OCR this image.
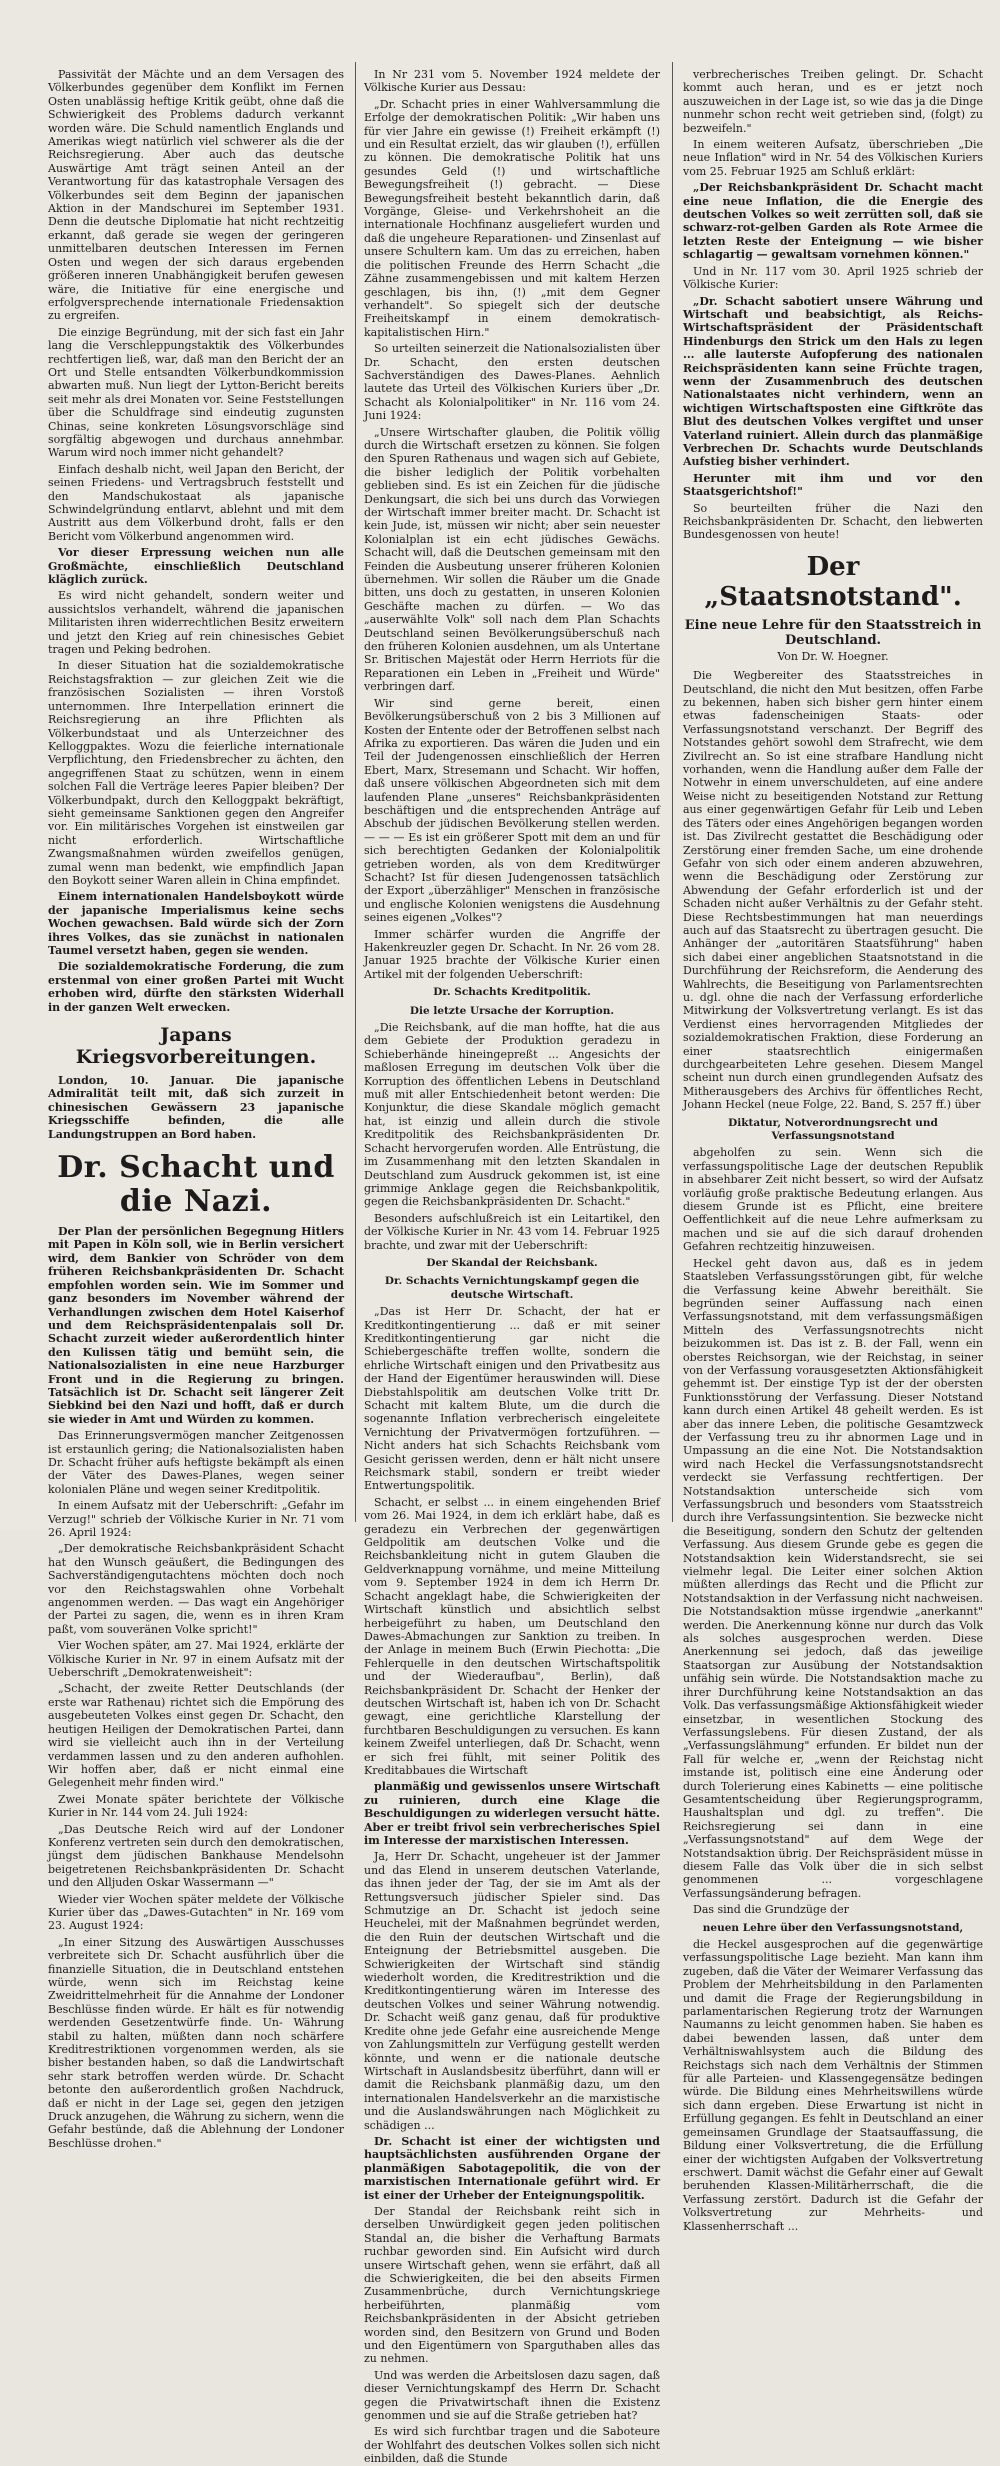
Passivität der Mächte und an dem Versagen des Völkerbundes gegenüber dem Konflikt im Fernen Osten unablässig heftige Kritik geübt, ohne daß die Schwierigkeit des Problems dadurch verkannt worden wäre. Die Schuld namentlich Englands und Amerikas wiegt natürlich viel schwerer als die der Reichsregierung. Aber auch das deutsche Auswärtige Amt trägt seinen Anteil an der Verantwortung für das katastrophale Versagen des Völkerbundes seit dem Beginn der japanischen Aktion in der Mandschurei im September 1931. Denn die deutsche Diplomatie hat nicht rechtzeitig erkannt, daß gerade sie wegen der geringeren unmittelbaren deutschen Interessen im Fernen Osten und wegen der sich daraus ergebenden größeren inneren Unabhängigkeit berufen gewesen wäre, die Initiative für eine energische und erfolgversprechende internationale Friedensaktion zu ergreifen.

Die einzige Begründung, mit der sich fast ein Jahr lang die Verschleppungstaktik des Völkerbundes rechtfertigen ließ, war, daß man den Bericht der an Ort und Stelle entsandten Völkerbundkommission abwarten muß. Nun liegt der Lytton-Bericht bereits seit mehr als drei Monaten vor. Seine Feststellungen über die Schuldfrage sind eindeutig zugunsten Chinas, seine konkreten Lösungsvorschläge sind sorgfältig abgewogen und durchaus annehmbar. Warum wird noch immer nicht gehandelt?

Einfach deshalb nicht, weil Japan den Bericht, der seinen Friedens- und Vertragsbruch feststellt und den Mandschukostaat als japanische Schwindelgründung entlarvt, ablehnt und mit dem Austritt aus dem Völkerbund droht, falls er den Bericht vom Völkerbund angenommen wird.

Vor dieser Erpressung weichen nun alle Großmächte, einschließlich Deutschland kläglich zurück.

Es wird nicht gehandelt, sondern weiter und aussichtslos verhandelt, während die japanischen Militaristen ihren widerrechtlichen Besitz erweitern und jetzt den Krieg auf rein chinesisches Gebiet tragen und Peking bedrohen.

In dieser Situation hat die sozialdemokratische Reichstagsfraktion — zur gleichen Zeit wie die französischen Sozialisten — ihren Vorstoß unternommen. Ihre Interpellation erinnert die Reichsregierung an ihre Pflichten als Völkerbundstaat und als Unterzeichner des Kelloggpaktes. Wozu die feierliche internationale Verpflichtung, den Friedensbrecher zu ächten, den angegriffenen Staat zu schützen, wenn in einem solchen Fall die Verträge leeres Papier bleiben? Der Völkerbundpakt, durch den Kelloggpakt bekräftigt, sieht gemeinsame Sanktionen gegen den Angreifer vor. Ein militärisches Vorgehen ist einstweilen gar nicht erforderlich. Wirtschaftliche Zwangsmaßnahmen würden zweifellos genügen, zumal wenn man bedenkt, wie empfindlich Japan den Boykott seiner Waren allein in China empfindet.

Einem internationalen Handelsboykott würde der japanische Imperialismus keine sechs Wochen gewachsen. Bald würde sich der Zorn ihres Volkes, das sie zunächst in nationalen Taumel versetzt haben, gegen sie wenden.

Die sozialdemokratische Forderung, die zum erstenmal von einer großen Partei mit Wucht erhoben wird, dürfte den stärksten Widerhall in der ganzen Welt erwecken.

Japans Kriegsvorbereitungen.

London, 10. Januar. Die japanische Admiralität teilt mit, daß sich zurzeit in chinesischen Gewässern 23 japanische Kriegsschiffe befinden, die alle Landungstruppen an Bord haben.

Dr. Schacht und die Nazi.

Der Plan der persönlichen Begegnung Hitlers mit Papen in Köln soll, wie in Berlin versichert wird, dem Bankier von Schröder von dem früheren Reichsbankpräsidenten Dr. Schacht empfohlen worden sein. Wie im Sommer und ganz besonders im November während der Verhandlungen zwischen dem Hotel Kaiserhof und dem Reichspräsidentenpalais soll Dr. Schacht zurzeit wieder außerordentlich hinter den Kulissen tätig und bemüht sein, die Nationalsozialisten in eine neue Harzburger Front und in die Regierung zu bringen. Tatsächlich ist Dr. Schacht seit längerer Zeit Siebkind bei den Nazi und hofft, daß er durch sie wieder in Amt und Würden zu kommen.

Das Erinnerungsvermögen mancher Zeitgenossen ist erstaunlich gering; die Nationalsozialisten haben Dr. Schacht früher aufs heftigste bekämpft als einen der Väter des Dawes-Planes, wegen seiner kolonialen Pläne und wegen seiner Kreditpolitik.

In einem Aufsatz mit der Ueberschrift: „Gefahr im Verzug!" schrieb der Völkische Kurier in Nr. 71 vom 26. April 1924:

„Der demokratische Reichsbankpräsident Schacht hat den Wunsch geäußert, die Bedingungen des Sachverständigengutachtens möchten doch noch vor den Reichstagswahlen ohne Vorbehalt angenommen werden. — Das wagt ein Angehöriger der Partei zu sagen, die, wenn es in ihren Kram paßt, vom souveränen Volke spricht!"

Vier Wochen später, am 27. Mai 1924, erklärte der Völkische Kurier in Nr. 97 in einem Aufsatz mit der Ueberschrift „Demokratenweisheit":

„Schacht, der zweite Retter Deutschlands (der erste war Rathenau) richtet sich die Empörung des ausgebeuteten Volkes einst gegen Dr. Schacht, den heutigen Heiligen der Demokratischen Partei, dann wird sie vielleicht auch ihn in der Verteilung verdammen lassen und zu den anderen aufhohlen. Wir hoffen aber, daß er nicht einmal eine Gelegenheit mehr finden wird."

Zwei Monate später berichtete der Völkische Kurier in Nr. 144 vom 24. Juli 1924:

„Das Deutsche Reich wird auf der Londoner Konferenz vertreten sein durch den demokratischen, jüngst dem jüdischen Bankhause Mendelsohn beigetretenen Reichsbankpräsidenten Dr. Schacht und den Alljuden Oskar Wassermann —"

Wieder vier Wochen später meldete der Völkische Kurier über das „Dawes-Gutachten" in Nr. 169 vom 23. August 1924:

„In einer Sitzung des Auswärtigen Ausschusses verbreitete sich Dr. Schacht ausführlich über die finanzielle Situation, die in Deutschland entstehen würde, wenn sich im Reichstag keine Zweidrittelmehrheit für die Annahme der Londoner Beschlüsse finden würde. Er hält es für notwendig werdenden Gesetzentwürfe finde. Un- Währung stabil zu halten, müßten dann noch schärfere Kreditrestriktionen vorgenommen werden, als sie bisher bestanden haben, so daß die Landwirtschaft sehr stark betroffen werden würde. Dr. Schacht betonte den außerordentlich großen Nachdruck, daß er nicht in der Lage sei, gegen den jetzigen Druck anzugehen, die Währung zu sichern, wenn die Gefahr bestünde, daß die Ablehnung der Londoner Beschlüsse drohen."

In Nr 231 vom 5. November 1924 meldete der Völkische Kurier aus Dessau:

„Dr. Schacht pries in einer Wahlversammlung die Erfolge der demokratischen Politik: „Wir haben uns für vier Jahre ein gewisse (!) Freiheit erkämpft (!) und ein Resultat erzielt, das wir glauben (!), erfüllen zu können. Die demokratische Politik hat uns gesundes Geld (!) und wirtschaftliche Bewegungsfreiheit (!) gebracht. — Diese Bewegungsfreiheit besteht bekanntlich darin, daß Vorgänge, Gleise- und Verkehrshoheit an die internationale Hochfinanz ausgeliefert wurden und daß die ungeheure Reparationen- und Zinsenlast auf unsere Schultern kam. Um das zu erreichen, haben die politischen Freunde des Herrn Schacht „die Zähne zusammengebissen und mit kaltem Herzen geschlagen, bis ihn, (!) „mit dem Gegner verhandelt". So spiegelt sich der deutsche Freiheitskampf in einem demokratisch-kapitalistischen Hirn."

So urteilten seinerzeit die Nationalsozialisten über Dr. Schacht, den ersten deutschen Sachverständigen des Dawes-Planes. Aehnlich lautete das Urteil des Völkischen Kuriers über „Dr. Schacht als Kolonialpolitiker" in Nr. 116 vom 24. Juni 1924:

„Unsere Wirtschafter glauben, die Politik völlig durch die Wirtschaft ersetzen zu können. Sie folgen den Spuren Rathenaus und wagen sich auf Gebiete, die bisher lediglich der Politik vorbehalten geblieben sind. Es ist ein Zeichen für die jüdische Denkungsart, die sich bei uns durch das Vorwiegen der Wirtschaft immer breiter macht. Dr. Schacht ist kein Jude, ist, müssen wir nicht; aber sein neuester Kolonialplan ist ein echt jüdisches Gewächs. Schacht will, daß die Deutschen gemeinsam mit den Feinden die Ausbeutung unserer früheren Kolonien übernehmen. Wir sollen die Räuber um die Gnade bitten, uns doch zu gestatten, in unseren Kolonien Geschäfte machen zu dürfen. — Wo das „auserwählte Volk" soll nach dem Plan Schachts Deutschland seinen Bevölkerungsüberschuß nach den früheren Kolonien ausdehnen, um als Untertane Sr. Britischen Majestät oder Herrn Herriots für die Reparationen ein Leben in „Freiheit und Würde" verbringen darf.

Wir sind gerne bereit, einen Bevölkerungsüberschuß von 2 bis 3 Millionen auf Kosten der Entente oder der Betroffenen selbst nach Afrika zu exportieren. Das wären die Juden und ein Teil der Judengenossen einschließlich der Herren Ebert, Marx, Stresemann und Schacht. Wir hoffen, daß unsere völkischen Abgeordneten sich mit dem laufenden Plane „unseres" Reichsbankpräsidenten beschäftigen und die entsprechenden Anträge auf Abschub der jüdischen Bevölkerung stellen werden. — — — Es ist ein größerer Spott mit dem an und für sich berechtigten Gedanken der Kolonialpolitik getrieben worden, als von dem Kreditwürger Schacht? Ist für diesen Judengenossen tatsächlich der Export „überzähliger" Menschen in französische und englische Kolonien wenigstens die Ausdehnung seines eigenen „Volkes"?

Immer schärfer wurden die Angriffe der Hakenkreuzler gegen Dr. Schacht. In Nr. 26 vom 28. Januar 1925 brachte der Völkische Kurier einen Artikel mit der folgenden Ueberschrift:

Dr. Schachts Kreditpolitik.

Die letzte Ursache der Korruption.

„Die Reichsbank, auf die man hoffte, hat die aus dem Gebiete der Produktion geradezu in Schieberhände hineingepreßt ... Angesichts der maßlosen Erregung im deutschen Volk über die Korruption des öffentlichen Lebens in Deutschland muß mit aller Entschiedenheit betont werden: Die Konjunktur, die diese Skandale möglich gemacht hat, ist einzig und allein durch die stivole Kreditpolitik des Reichsbankpräsidenten Dr. Schacht hervorgerufen worden. Alle Entrüstung, die im Zusammenhang mit den letzten Skandalen in Deutschland zum Ausdruck gekommen ist, ist eine grimmige Anklage gegen die Reichsbankpolitik, gegen die Reichsbankpräsidenten Dr. Schacht."

Besonders aufschlußreich ist ein Leitartikel, den der Völkische Kurier in Nr. 43 vom 14. Februar 1925 brachte, und zwar mit der Ueberschrift:

Der Skandal der Reichsbank.

Dr. Schachts Vernichtungskampf gegen die deutsche Wirtschaft.

„Das ist Herr Dr. Schacht, der hat er Kreditkontingentierung ... daß er mit seiner Kreditkontingentierung gar nicht die Schiebergeschäfte treffen wollte, sondern die ehrliche Wirtschaft einigen und den Privatbesitz aus der Hand der Eigentümer herauswinden will. Diese Diebstahlspolitik am deutschen Volke tritt Dr. Schacht mit kaltem Blute, um die durch die sogenannte Inflation verbrecherisch eingeleitete Vernichtung der Privatvermögen fortzuführen. — Nicht anders hat sich Schachts Reichsbank vom Gesicht gerissen werden, denn er hält nicht unsere Reichsmark stabil, sondern er treibt wieder Entwertungspolitik.

Schacht, er selbst ... in einem eingehenden Brief vom 26. Mai 1924, in dem ich erklärt habe, daß es geradezu ein Verbrechen der gegenwärtigen Geldpolitik am deutschen Volke und die Reichsbankleitung nicht in gutem Glauben die Geldverknappung vornähme, und meine Mitteilung vom 9. September 1924 in dem ich Herrn Dr. Schacht angeklagt habe, die Schwierigkeiten der Wirtschaft künstlich und absichtlich selbst herbeigeführt zu haben, um Deutschland den Dawes-Abmachungen zur Sanktion zu treiben. In der Anlage in meinem Buch (Erwin Piechotta: „Die Fehlerquelle in den deutschen Wirtschaftspolitik und der Wiederaufbau", Berlin), daß Reichsbankpräsident Dr. Schacht der Henker der deutschen Wirtschaft ist, haben ich von Dr. Schacht gewagt, eine gerichtliche Klarstellung der furchtbaren Beschuldigungen zu versuchen. Es kann keinem Zweifel unterliegen, daß Dr. Schacht, wenn er sich frei fühlt, mit seiner Politik des Kreditabbaues die Wirtschaft

planmäßig und gewissenlos unsere Wirtschaft zu ruinieren, durch eine Klage die Beschuldigungen zu widerlegen versucht hätte. Aber er treibt frivol sein verbrecherisches Spiel im Interesse der marxistischen Interessen.

Ja, Herr Dr. Schacht, ungeheuer ist der Jammer und das Elend in unserem deutschen Vaterlande, das ihnen jeder der Tag, der sie im Amt als der Rettungsversuch jüdischer Spieler sind. Das Schmutzige an Dr. Schacht ist jedoch seine Heuchelei, mit der Maßnahmen begründet werden, die den Ruin der deutschen Wirtschaft und die Enteignung der Betriebsmittel ausgeben. Die Schwierigkeiten der Wirtschaft sind ständig wiederholt worden, die Kreditrestriktion und die Kreditkontingentierung wären im Interesse des deutschen Volkes und seiner Währung notwendig. Dr. Schacht weiß ganz genau, daß für produktive Kredite ohne jede Gefahr eine ausreichende Menge von Zahlungsmitteln zur Verfügung gestellt werden könnte, und wenn er die nationale deutsche Wirtschaft in Auslandsbesitz überführt, dann will er damit die Reichsbank planmäßig dazu, um den internationalen Handelsverkehr an die marxistische und die Auslandswährungen nach Möglichkeit zu schädigen ...

Dr. Schacht ist einer der wichtigsten und hauptsächlichsten ausführenden Organe der planmäßigen Sabotagepolitik, die von der marxistischen Internationale geführt wird. Er ist einer der Urheber der Enteignungspolitik.

Der Standal der Reichsbank reiht sich in derselben Unwürdigkeit gegen jeden politischen Standal an, die bisher die Verhaftung Barmats ruchbar geworden sind. Ein Aufsicht wird durch unsere Wirtschaft gehen, wenn sie erfährt, daß all die Schwierigkeiten, die bei den abseits Firmen Zusammenbrüche, durch Vernichtungskriege herbeiführten, planmäßig vom Reichsbankpräsidenten in der Absicht getrieben worden sind, den Besitzern von Grund und Boden und den Eigentümern von Sparguthaben alles das zu nehmen.

Und was werden die Arbeitslosen dazu sagen, daß dieser Vernichtungskampf des Herrn Dr. Schacht gegen die Privatwirtschaft ihnen die Existenz genommen und sie auf die Straße getrieben hat?

Es wird sich furchtbar tragen und die Saboteure der Wohlfahrt des deutschen Volkes sollen sich nicht einbilden, daß die Stunde

verbrecherisches Treiben gelingt. Dr. Schacht kommt auch heran, und es er jetzt noch auszuweichen in der Lage ist, so wie das ja die Dinge nunmehr schon recht weit getrieben sind, (folgt) zu bezweifeln."

In einem weiteren Aufsatz, überschrieben „Die neue Inflation" wird in Nr. 54 des Völkischen Kuriers vom 25. Februar 1925 am Schluß erklärt:

„Der Reichsbankpräsident Dr. Schacht macht eine neue Inflation, die die Energie des deutschen Volkes so weit zerrütten soll, daß sie schwarz-rot-gelben Garden als Rote Armee die letzten Reste der Enteignung — wie bisher schlagartig — gewaltsam vornehmen können."

Und in Nr. 117 vom 30. April 1925 schrieb der Völkische Kurier:

„Dr. Schacht sabotiert unsere Währung und Wirtschaft und beabsichtigt, als Reichs-Wirtschaftspräsident der Präsidentschaft Hindenburgs den Strick um den Hals zu legen ... alle lauterste Aufopferung des nationalen Reichspräsidenten kann seine Früchte tragen, wenn der Zusammenbruch des deutschen Nationalstaates nicht verhindern, wenn an wichtigen Wirtschaftsposten eine Giftkröte das Blut des deutschen Volkes vergiftet und unser Vaterland ruiniert. Allein durch das planmäßige Verbrechen Dr. Schachts wurde Deutschlands Aufstieg bisher verhindert.

Herunter mit ihm und vor den Staatsgerichtshof!"

So beurteilten früher die Nazi den Reichsbankpräsidenten Dr. Schacht, den liebwerten Bundesgenossen von heute!

Der „Staatsnotstand".
Eine neue Lehre für den Staatsstreich in Deutschland.
Von Dr. W. Hoegner.

Die Wegbereiter des Staatsstreiches in Deutschland, die nicht den Mut besitzen, offen Farbe zu bekennen, haben sich bisher gern hinter einem etwas fadenscheinigen Staats- oder Verfassungsnotstand verschanzt. Der Begriff des Notstandes gehört sowohl dem Strafrecht, wie dem Zivilrecht an. So ist eine strafbare Handlung nicht vorhanden, wenn die Handlung außer dem Falle der Notwehr in einem unverschuldeten, auf eine andere Weise nicht zu beseitigenden Notstand zur Rettung aus einer gegenwärtigen Gefahr für Leib und Leben des Täters oder eines Angehörigen begangen worden ist. Das Zivilrecht gestattet die Beschädigung oder Zerstörung einer fremden Sache, um eine drohende Gefahr von sich oder einem anderen abzuwehren, wenn die Beschädigung oder Zerstörung zur Abwendung der Gefahr erforderlich ist und der Schaden nicht außer Verhältnis zu der Gefahr steht. Diese Rechtsbestimmungen hat man neuerdings auch auf das Staatsrecht zu übertragen gesucht. Die Anhänger der „autoritären Staatsführung" haben sich dabei einer angeblichen Staatsnotstand in die Durchführung der Reichsreform, die Aenderung des Wahlrechts, die Beseitigung von Parlamentsrechten u. dgl. ohne die nach der Verfassung erforderliche Mitwirkung der Volksvertretung verlangt. Es ist das Verdienst eines hervorragenden Mitgliedes der sozialdemokratischen Fraktion, diese Forderung an einer staatsrechtlich einigermaßen durchgearbeiteten Lehre gesehen. Diesem Mangel scheint nun durch einen grundlegenden Aufsatz des Mitherausgebers des Archivs für öffentliches Recht, Johann Heckel (neue Folge, 22. Band, S. 257 ff.) über

Diktatur, Notverordnungsrecht und Verfassungsnotstand

abgeholfen zu sein. Wenn sich die verfassungspolitische Lage der deutschen Republik in absehbarer Zeit nicht bessert, so wird der Aufsatz vorläufig große praktische Bedeutung erlangen. Aus diesem Grunde ist es Pflicht, eine breitere Oeffentlichkeit auf die neue Lehre aufmerksam zu machen und sie auf die sich darauf drohenden Gefahren rechtzeitig hinzuweisen.

Heckel geht davon aus, daß es in jedem Staatsleben Verfassungsstörungen gibt, für welche die Verfassung keine Abwehr bereithält. Sie begründen seiner Auffassung nach einen Verfassungsnotstand, mit dem verfassungsmäßigen Mitteln des Verfassungsnotrechts nicht beizukommen ist. Das ist z. B. der Fall, wenn ein oberstes Reichsorgan, wie der Reichstag, in seiner von der Verfassung vorausgesetzten Aktionsfähigkeit gehemmt ist. Der einstige Typ ist der der obersten Funktionsstörung der Verfassung. Dieser Notstand kann durch einen Artikel 48 geheilt werden. Es ist aber das innere Leben, die politische Gesamtzweck der Verfassung treu zu ihr abnormen Lage und in Umpassung an die eine Not. Die Notstandsaktion wird nach Heckel die Verfassungsnotstandsrecht verdeckt sie Verfassung rechtfertigen. Der Notstandsaktion unterscheide sich vom Verfassungsbruch und besonders vom Staatsstreich durch ihre Verfassungsintention. Sie bezwecke nicht die Beseitigung, sondern den Schutz der geltenden Verfassung. Aus diesem Grunde gebe es gegen die Notstandsaktion kein Widerstandsrecht, sie sei vielmehr legal. Die Leiter einer solchen Aktion müßten allerdings das Recht und die Pflicht zur Notstandsaktion in der Verfassung nicht nachweisen. Die Notstandsaktion müsse irgendwie „anerkannt" werden. Die Anerkennung könne nur durch das Volk als solches ausgesprochen werden. Diese Anerkennung sei jedoch, daß das jeweilige Staatsorgan zur Ausübung der Notstandsaktion unfähig sein würde. Die Notstandsaktion mache zu ihrer Durchführung keine Notstandsaktion an das Volk. Das verfassungsmäßige Aktionsfähigkeit wieder einsetzbar, in wesentlichen Stockung des Verfassungslebens. Für diesen Zustand, der als „Verfassungslähmung" erfunden. Er bildet nun der Fall für welche er, „wenn der Reichstag nicht imstande ist, politisch eine eine Änderung oder durch Tolerierung eines Kabinetts — eine politische Gesamtentscheidung über Regierungsprogramm, Haushaltsplan und dgl. zu treffen". Die Reichsregierung sei dann in eine „Verfassungsnotstand" auf dem Wege der Notstandsaktion übrig. Der Reichspräsident müsse in diesem Falle das Volk über die in sich selbst genommenen ... vorgeschlagene Verfassungsänderung befragen.

Das sind die Grundzüge der

neuen Lehre über den Verfassungsnotstand,

die Heckel ausgesprochen auf die gegenwärtige verfassungspolitische Lage bezieht. Man kann ihm zugeben, daß die Väter der Weimarer Verfassung das Problem der Mehrheitsbildung in den Parlamenten und damit die Frage der Regierungsbildung in parlamentarischen Regierung trotz der Warnungen Naumanns zu leicht genommen haben. Sie haben es dabei bewenden lassen, daß unter dem Verhältniswahlsystem auch die Bildung des Reichstags sich nach dem Verhältnis der Stimmen für alle Parteien- und Klassengegensätze bedingen würde. Die Bildung eines Mehrheitswillens würde sich dann ergeben. Diese Erwartung ist nicht in Erfüllung gegangen. Es fehlt in Deutschland an einer gemeinsamen Grundlage der Staatsauffassung, die Bildung einer Volksvertretung, die die Erfüllung einer der wichtigsten Aufgaben der Volksvertretung erschwert. Damit wächst die Gefahr einer auf Gewalt beruhenden Klassen-Militärherrschaft, die die Verfassung zerstört. Dadurch ist die Gefahr der Volksvertretung zur Mehrheits- und Klassenherrschaft ...
